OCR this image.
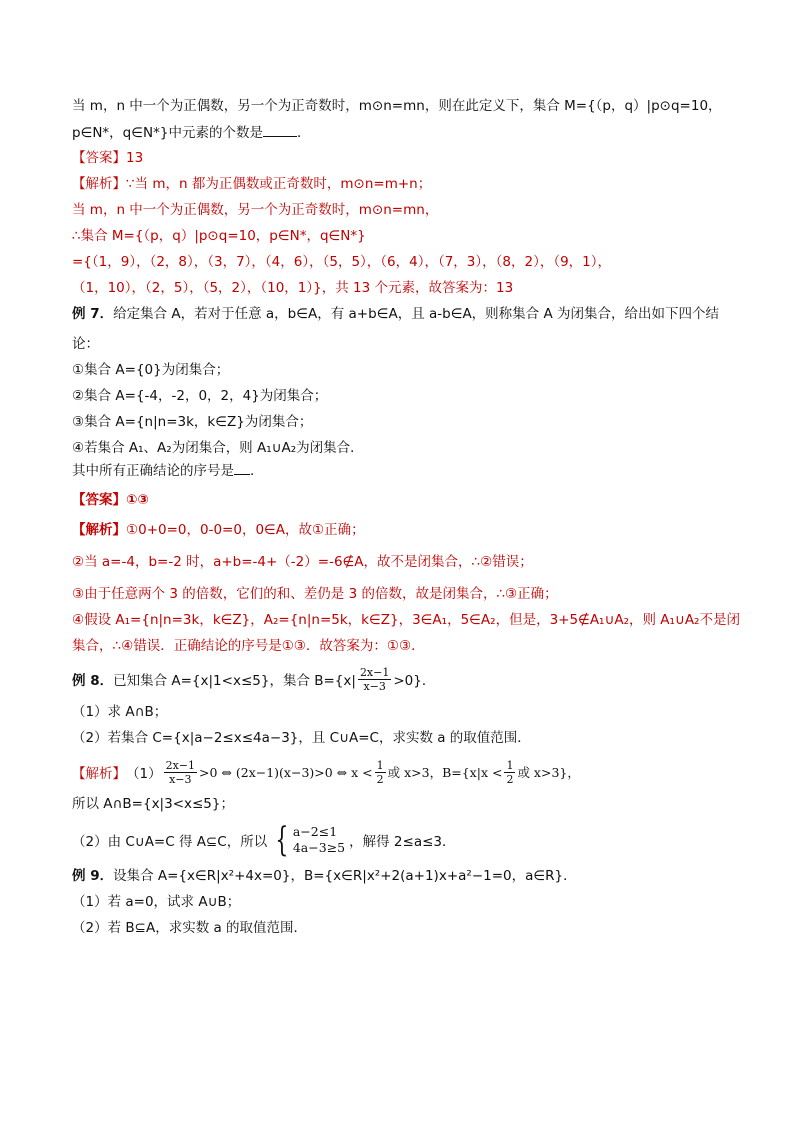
当 m，n 中一个为正偶数，另一个为正奇数时，m⊙n=mn，则在此定义下，集合 M={（p，q）|p⊙q=10，
p∈N*，q∈N*}中元素的个数是	．
【答案】13
【解析】∵当 m，n 都为正偶数或正奇数时，m⊙n=m+n；
当 m，n 中一个为正偶数，另一个为正奇数时，m⊙n=mn，
∴集合 M={（p，q）|p⊙q=10，p∈N*，q∈N*}
={（1，9），（2，8），（3，7），（4，6），（5，5），（6，4），（7，3），（8，2），（9，1），
（1，10），（2，5），（5，2），（10，1）}，共 13 个元素，故答案为：13
例 7．给定集合 A，若对于任意 a，b∈A，有 a+b∈A，且 a-b∈A，则称集合 A 为闭集合，给出如下四个结
论：
①集合 A={0}为闭集合；
②集合 A={-4，-2，0，2，4}为闭集合；
③集合 A={n|n=3k，k∈Z}为闭集合；
④若集合 A₁、A₂为闭集合，则 A₁∪A₂为闭集合．
其中所有正确结论的序号是 ．
【答案】①③
【解析】①0+0=0，0-0=0，0∈A，故①正确；
②当 a=-4，b=-2 时，a+b=-4+（-2）=-6∉A，故不是闭集合，∴②错误；
③由于任意两个 3 的倍数，它们的和、差仍是 3 的倍数，故是闭集合，∴③正确；
④假设 A₁={n|n=3k，k∈Z}，A₂={n|n=5k，k∈Z}，3∈A₁，5∈A₂，但是，3+5∉A₁∪A₂，则 A₁∪A₂不是闭
集合，∴④错误．正确结论的序号是①③．故答案为：①③．
例 8． 已知集合 A={x|1<x≤5}，集合 $B=\{x| \frac{2x-1}{x-3} >0\}$．
（1）求 A∩B；
（2）若集合 C={x|a−2≤x≤4a−3}，且 C∪A=C，求实数 a 的取值范围．
【解析】 $(1) \frac{2x-1}{x-3} >0$ ⇔ (2x−1)(x−3)>0 ⇔ $x < \frac{1}{2}$ 或 x>3，$B=\{x|x < \frac{1}{2}$ 或 x>3}，
所以 A∩B={x|3<x≤5}；
（2）由 C∪A=C 得 A⊆C，所以 { a−2≤1
4a−3≥5 ，解得 2≤a≤3．
例 9．设集合 A={x∈R|x²+4x=0}，B={x∈R|x²+2(a+1)x+a²−1=0，a∈R}．
（1）若 a=0，试求 A∪B；
（2）若 B⊆A，求实数 a 的取值范围．
